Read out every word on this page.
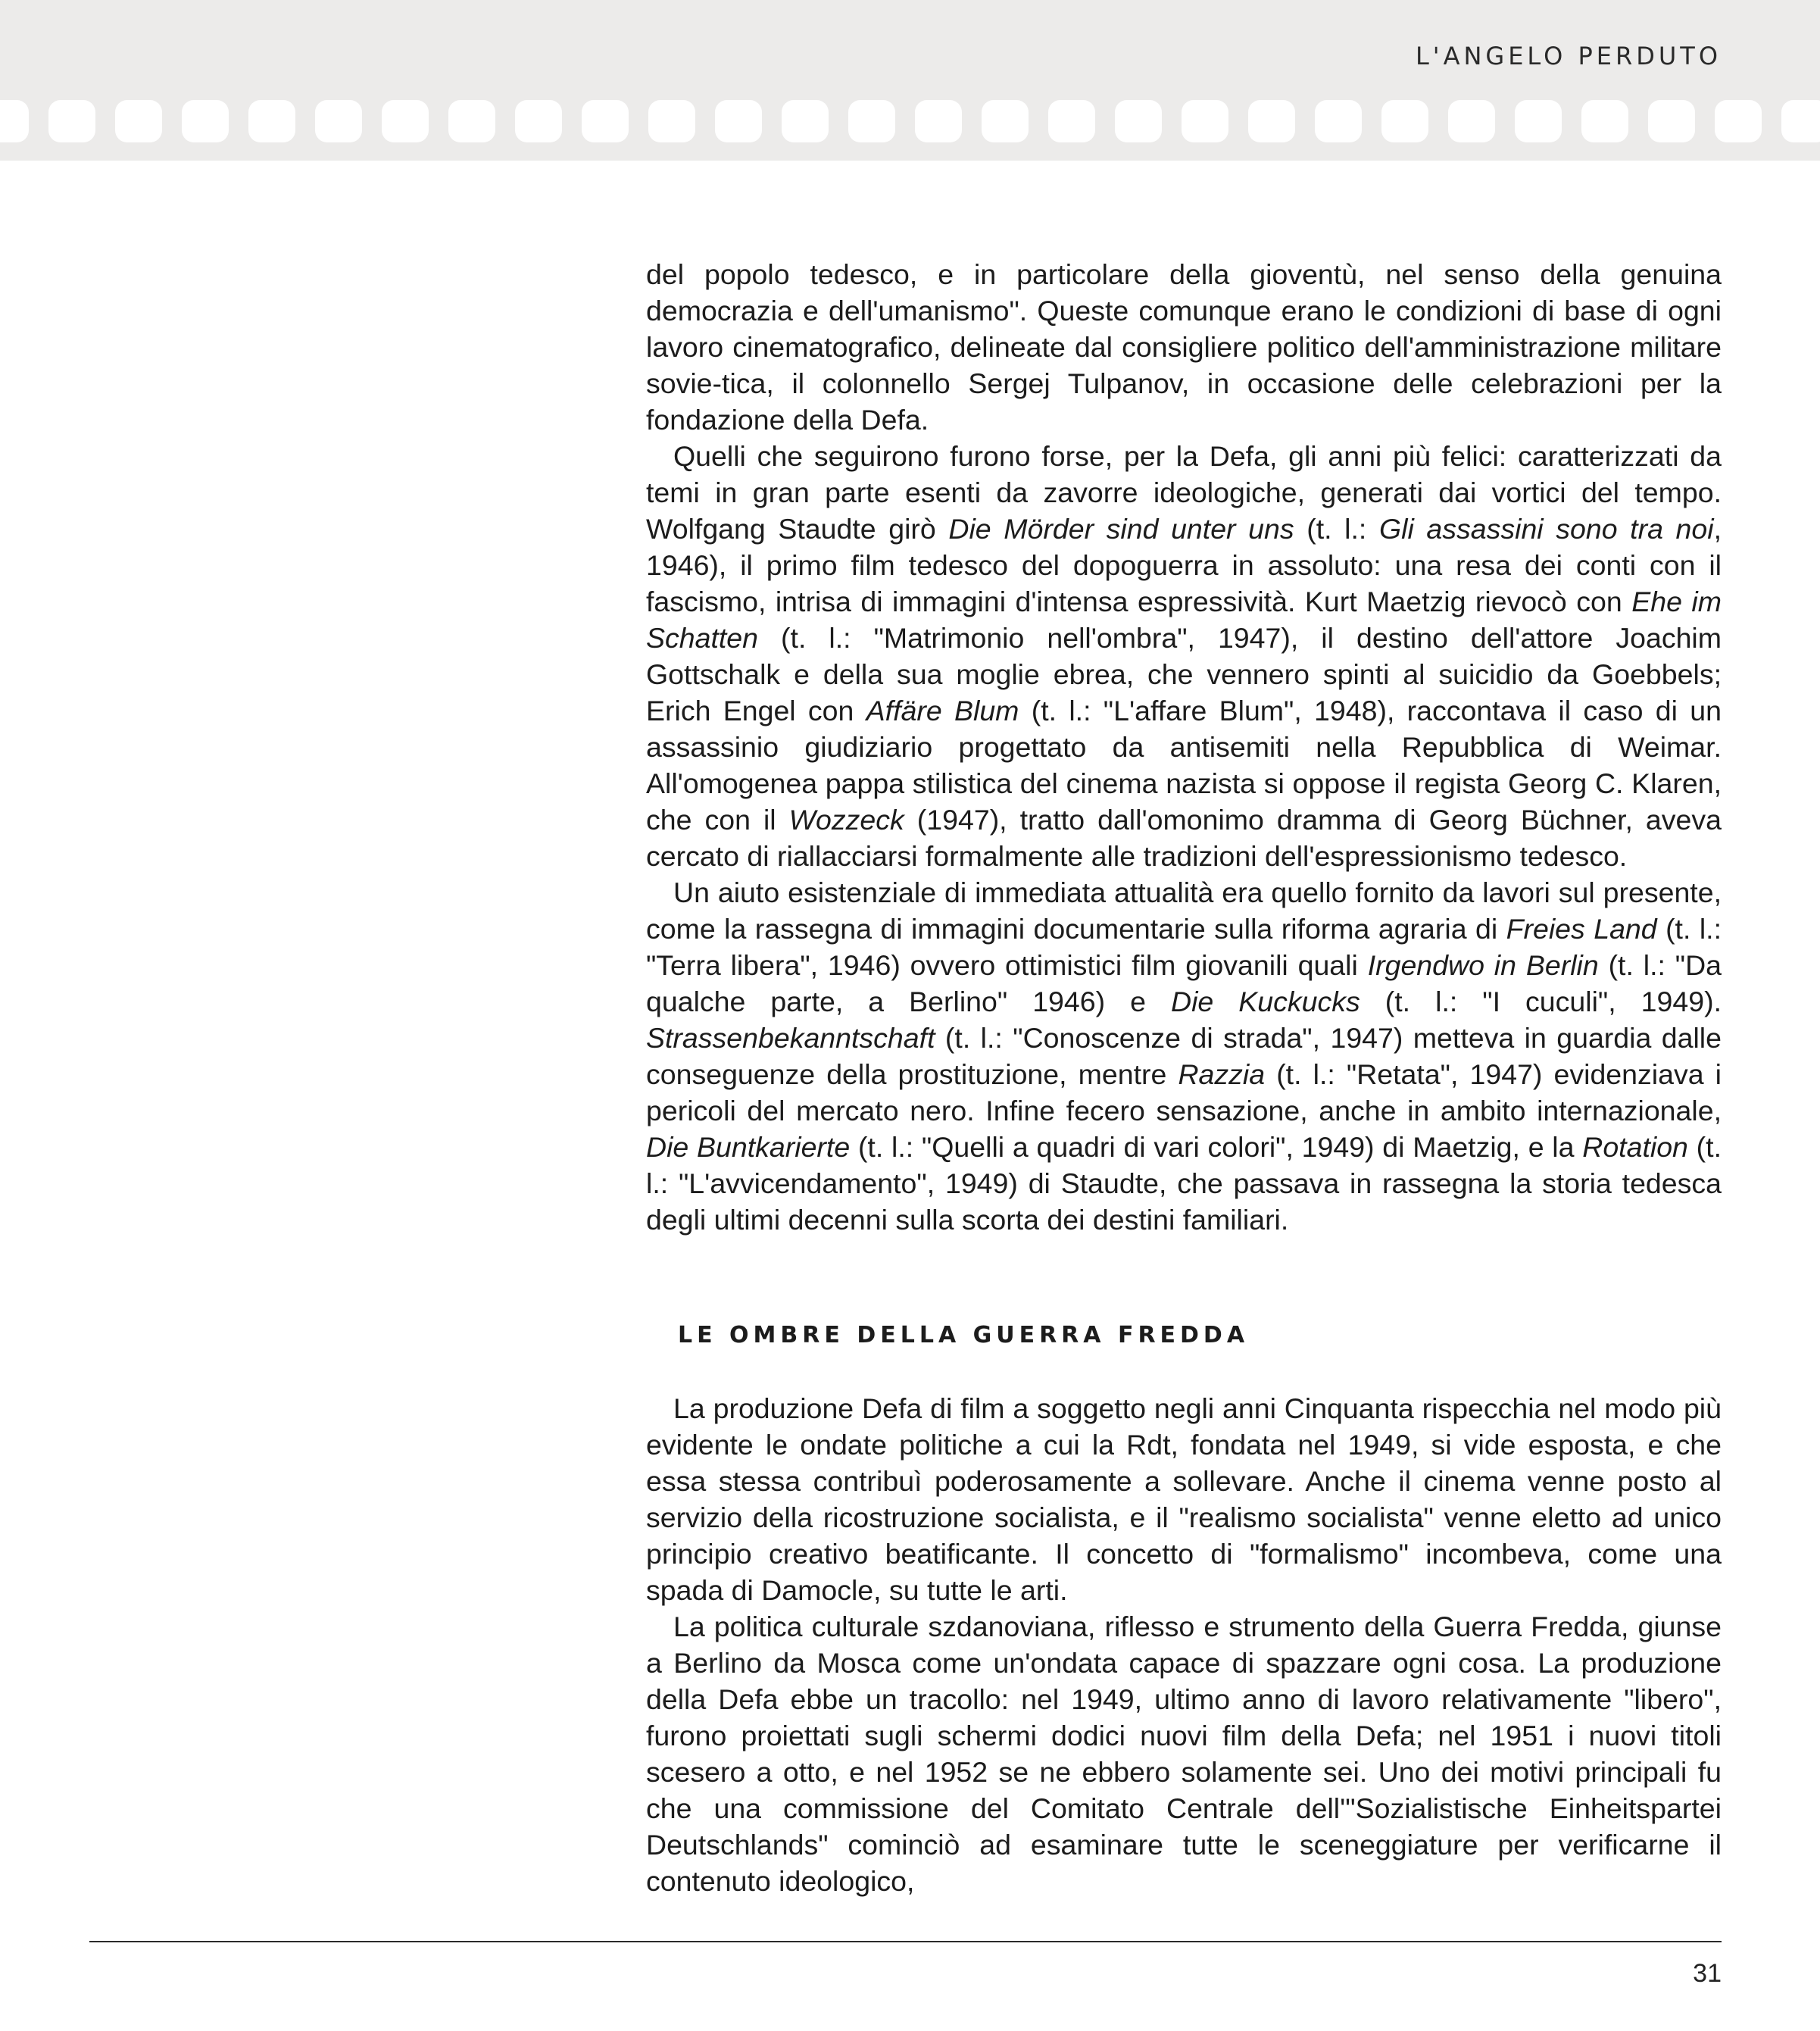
L'ANGELO PERDUTO

del popolo tedesco, e in particolare della gioventù, nel senso della genuina democrazia e dell'umanismo". Queste comunque erano le condizioni di base di ogni lavoro cinematografico, delineate dal consigliere politico dell'amministrazione militare sovie-tica, il colonnello Sergej Tulpanov, in occasione delle celebrazioni per la fondazione della Defa.

Quelli che seguirono furono forse, per la Defa, gli anni più felici: caratterizzati da temi in gran parte esenti da zavorre ideologiche, generati dai vortici del tempo. Wolfgang Staudte girò Die Mörder sind unter uns (t. l.: Gli assassini sono tra noi, 1946), il primo film tedesco del dopoguerra in assoluto: una resa dei conti con il fascismo, intrisa di immagini d'intensa espressività. Kurt Maetzig rievocò con Ehe im Schatten (t. l.: "Matrimonio nell'ombra", 1947), il destino dell'attore Joachim Gottschalk e della sua moglie ebrea, che vennero spinti al suicidio da Goebbels; Erich Engel con Affäre Blum (t. l.: "L'affare Blum", 1948), raccontava il caso di un assassinio giudiziario progettato da antisemiti nella Repubblica di Weimar. All'omogenea pappa stilistica del cinema nazista si oppose il regista Georg C. Klaren, che con il Wozzeck (1947), tratto dall'omonimo dramma di Georg Büchner, aveva cercato di riallacciarsi formalmente alle tradizioni dell'espressionismo tedesco.

Un aiuto esistenziale di immediata attualità era quello fornito da lavori sul presente, come la rassegna di immagini documentarie sulla riforma agraria di Freies Land (t. l.: "Terra libera", 1946) ovvero ottimistici film giovanili quali Irgendwo in Berlin (t. l.: "Da qualche parte, a Berlino" 1946) e Die Kuckucks (t. l.: "I cuculi", 1949). Strassenbekanntschaft (t. l.: "Conoscenze di strada", 1947) metteva in guardia dalle conseguenze della prostituzione, mentre Razzia (t. l.: "Retata", 1947) evidenziava i pericoli del mercato nero. Infine fecero sensazione, anche in ambito internazionale, Die Buntkarierte (t. l.: "Quelli a quadri di vari colori", 1949) di Maetzig, e la Rotation (t. l.: "L'avvicendamento", 1949) di Staudte, che passava in rassegna la storia tedesca degli ultimi decenni sulla scorta dei destini familiari.

LE OMBRE DELLA GUERRA FREDDA

La produzione Defa di film a soggetto negli anni Cinquanta rispecchia nel modo più evidente le ondate politiche a cui la Rdt, fondata nel 1949, si vide esposta, e che essa stessa contribuì poderosamente a sollevare. Anche il cinema venne posto al servizio della ricostruzione socialista, e il "realismo socialista" venne eletto ad unico principio creativo beatificante. Il concetto di "formalismo" incombeva, come una spada di Damocle, su tutte le arti.

La politica culturale szdanoviana, riflesso e strumento della Guerra Fredda, giunse a Berlino da Mosca come un'ondata capace di spazzare ogni cosa. La produzione della Defa ebbe un tracollo: nel 1949, ultimo anno di lavoro relativamente "libero", furono proiettati sugli schermi dodici nuovi film della Defa; nel 1951 i nuovi titoli scesero a otto, e nel 1952 se ne ebbero solamente sei. Uno dei motivi principali fu che una commissione del Comitato Centrale dell'"Sozialistische Einheitspartei Deutschlands" cominciò ad esaminare tutte le sceneggiature per verificarne il contenuto ideologico,

31
